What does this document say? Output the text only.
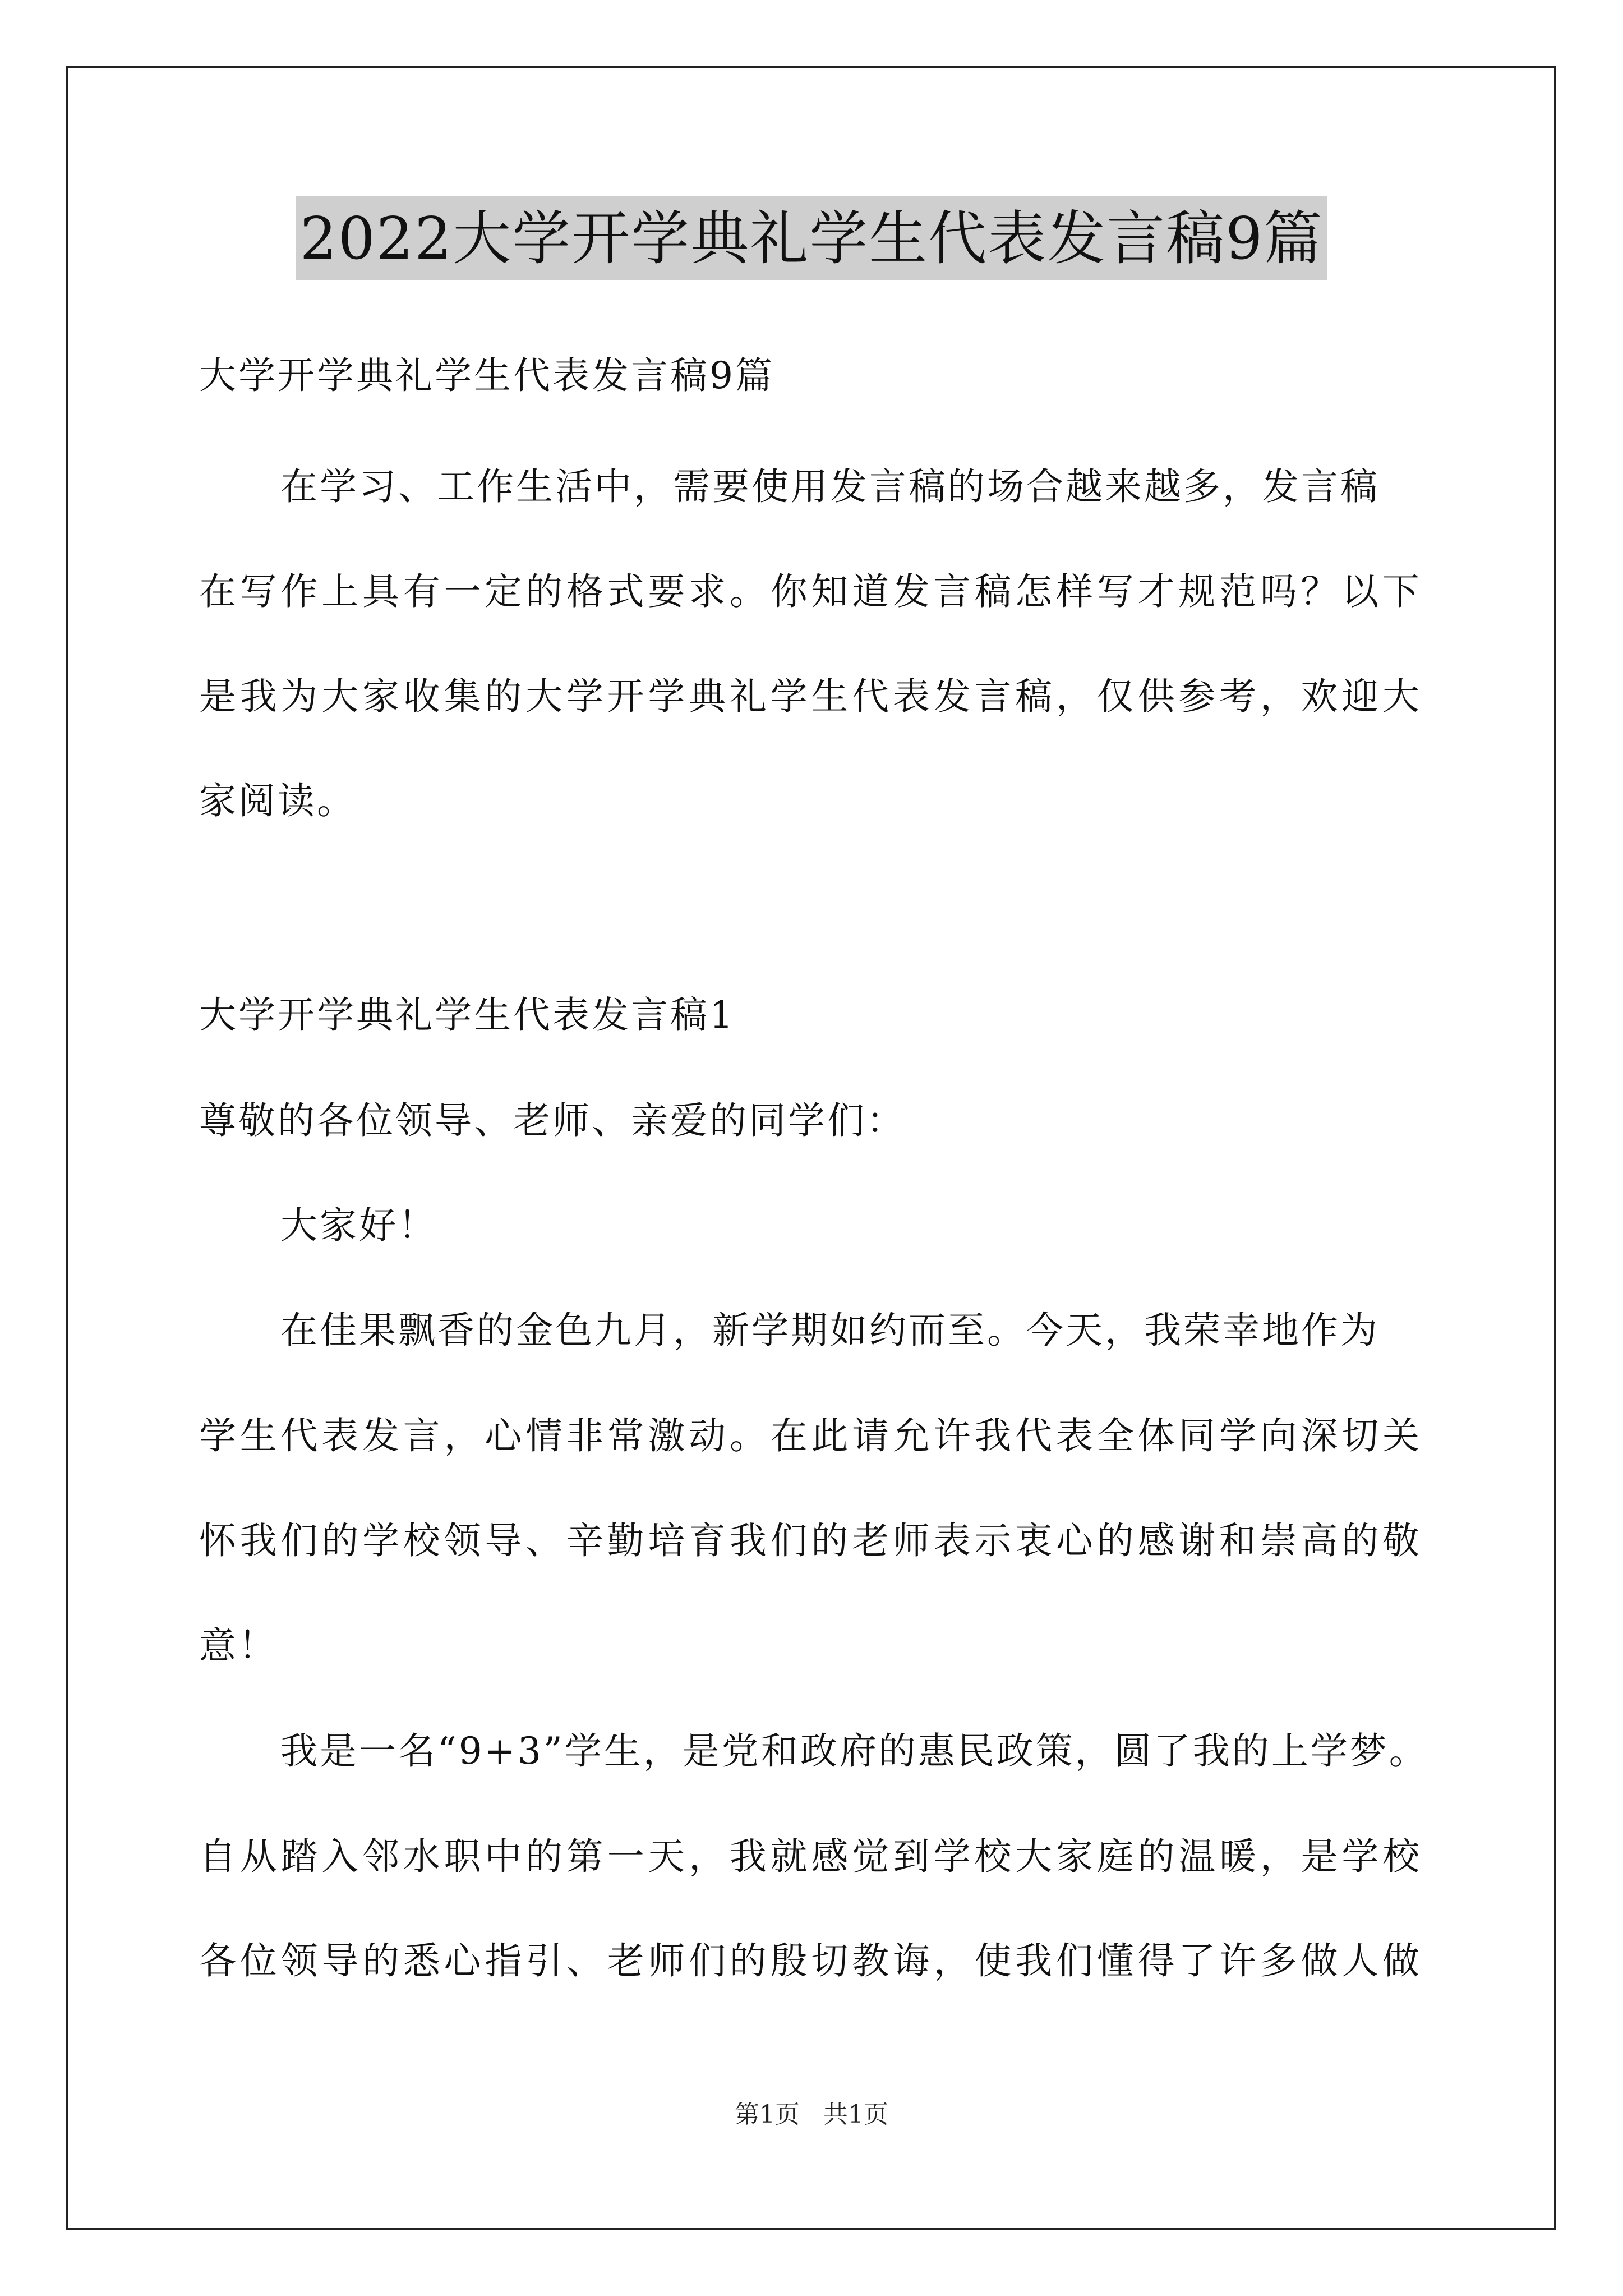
2022大学开学典礼学生代表发言稿9篇
大学开学典礼学生代表发言稿9篇
在学习、工作生活中，需要使用发言稿的场合越来越多，发言稿
在写作上具有一定的格式要求。你知道发言稿怎样写才规范吗？以下
是我为大家收集的大学开学典礼学生代表发言稿，仅供参考，欢迎大
家阅读。
大学开学典礼学生代表发言稿1
尊敬的各位领导、老师、亲爱的同学们：
大家好！
在佳果飘香的金色九月，新学期如约而至。今天，我荣幸地作为
学生代表发言，心情非常激动。在此请允许我代表全体同学向深切关
怀我们的学校领导、辛勤培育我们的老师表示衷心的感谢和崇高的敬
意！
我是一名“9+3”学生，是党和政府的惠民政策，圆了我的上学梦。
自从踏入邻水职中的第一天，我就感觉到学校大家庭的温暖，是学校
各位领导的悉心指引、老师们的殷切教诲，使我们懂得了许多做人做
第1页   共1页
